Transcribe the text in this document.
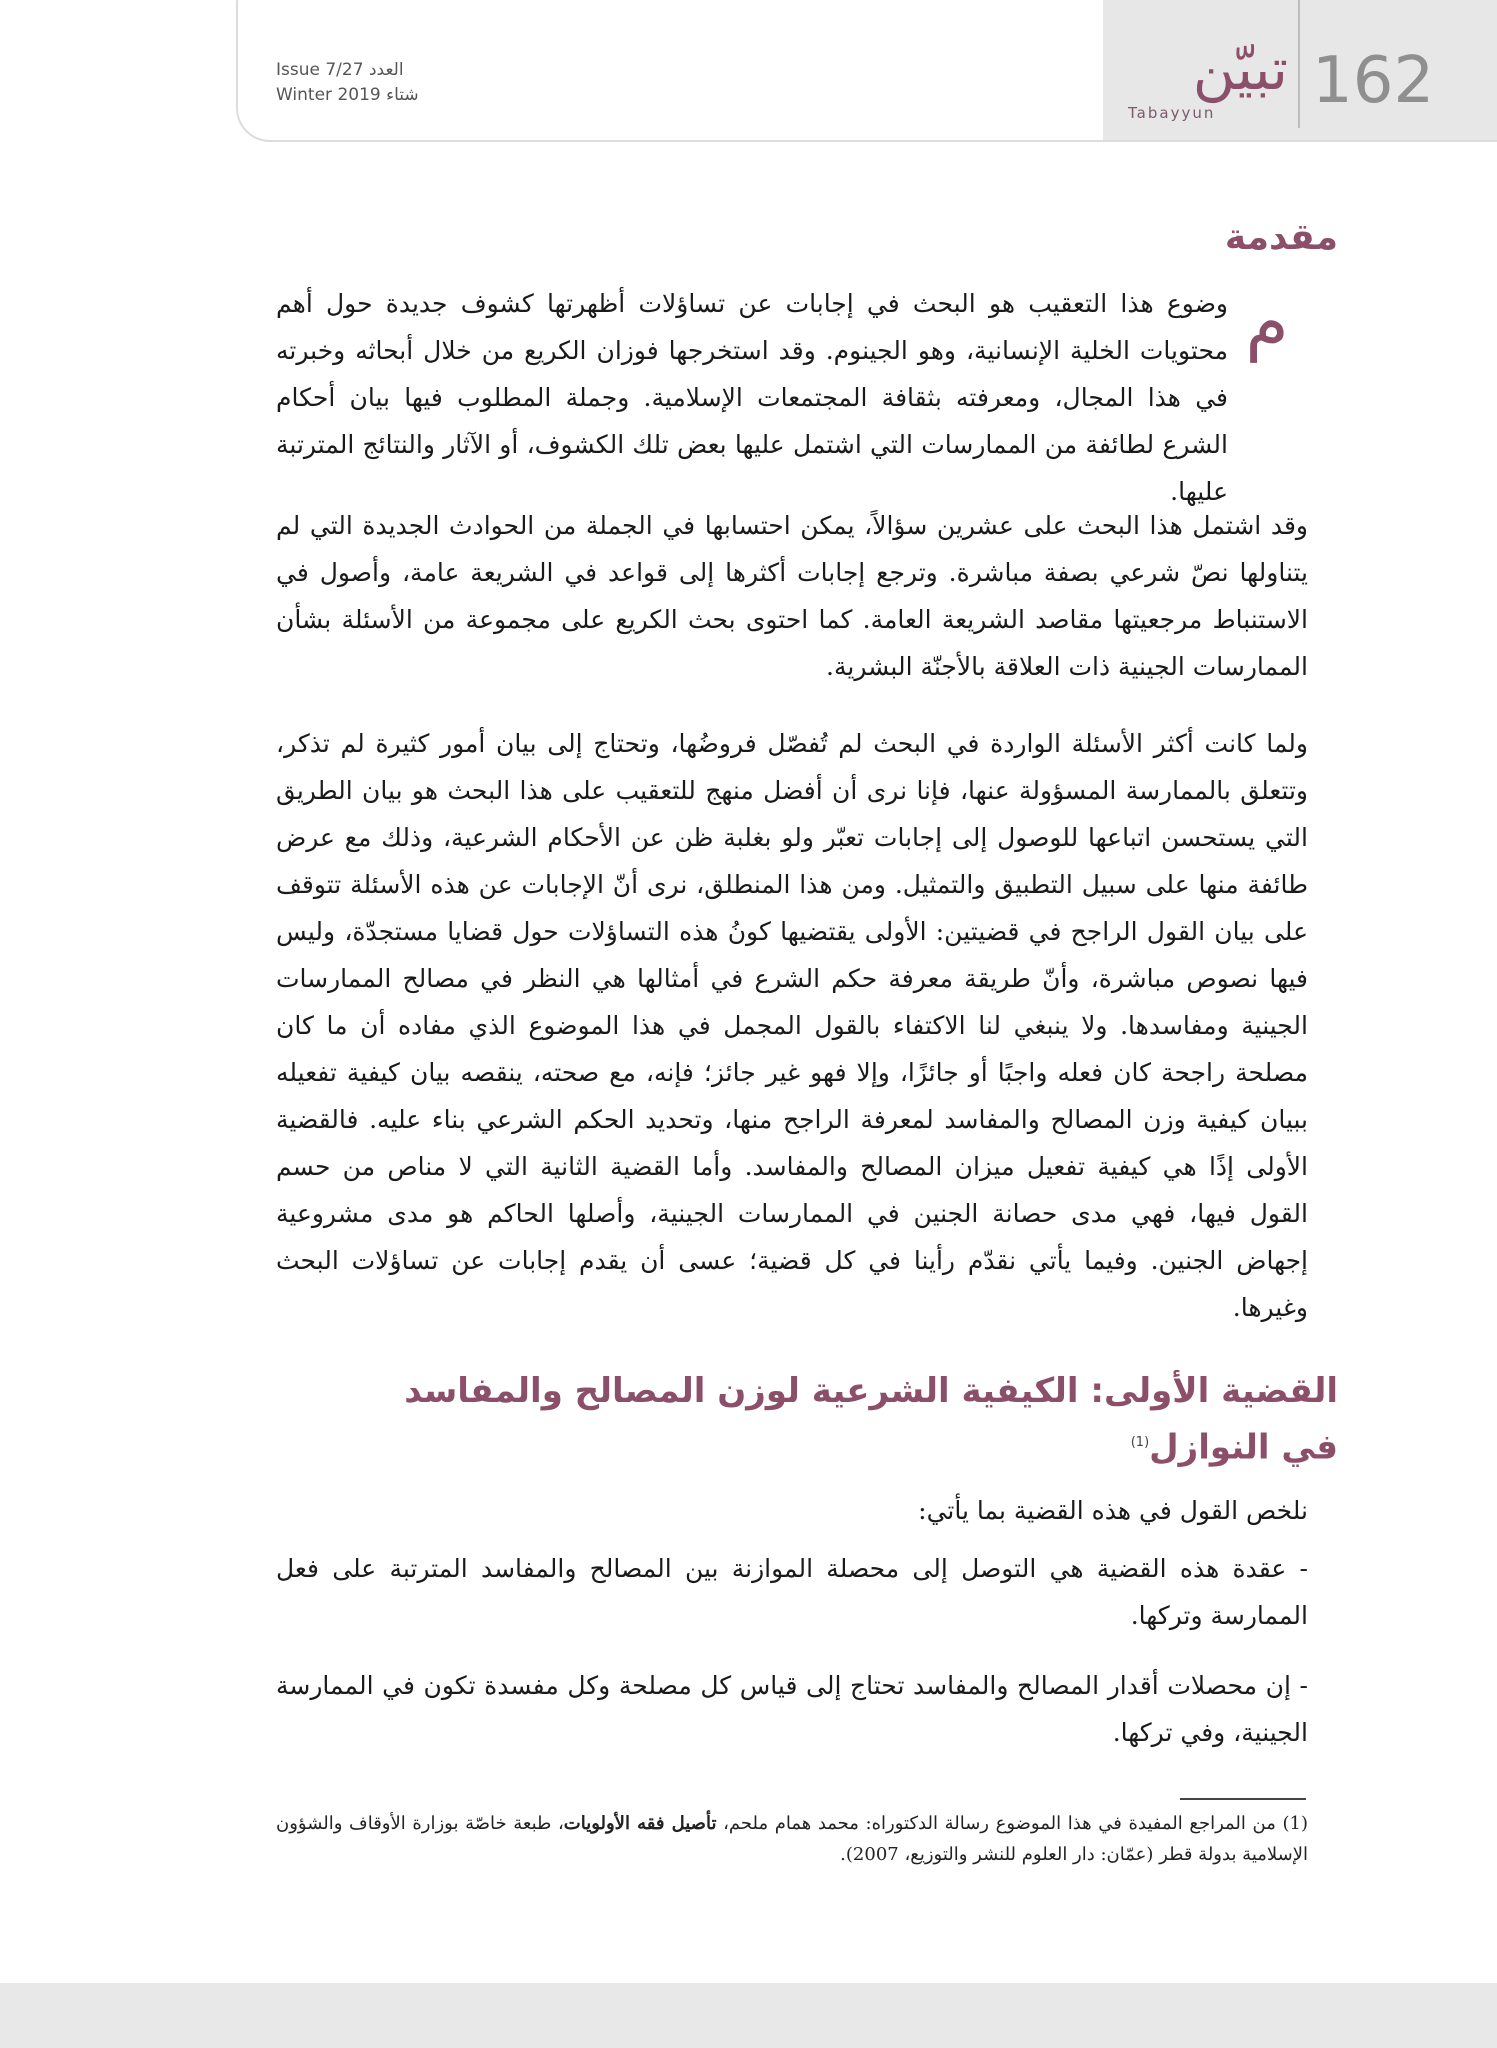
162
تبيّن
Tabayyun
Issue 7/27 العدد
Winter 2019 شتاء
مقدمة
م

وضوع هذا التعقيب هو البحث في إجابات عن تساؤلات أظهرتها كشوف جديدة حول أهم محتويات الخلية الإنسانية، وهو الجينوم. وقد استخرجها فوزان الكريع من خلال أبحاثه وخبرته في هذا المجال، ومعرفته بثقافة المجتمعات الإسلامية. وجملة المطلوب فيها بيان أحكام الشرع لطائفة من الممارسات التي اشتمل عليها بعض تلك الكشوف، أو الآثار والنتائج المترتبة عليها.

وقد اشتمل هذا البحث على عشرين سؤالاً، يمكن احتسابها في الجملة من الحوادث الجديدة التي لم يتناولها نصّ شرعي بصفة مباشرة. وترجع إجابات أكثرها إلى قواعد في الشريعة عامة، وأصول في الاستنباط مرجعيتها مقاصد الشريعة العامة. كما احتوى بحث الكريع على مجموعة من الأسئلة بشأن الممارسات الجينية ذات العلاقة بالأجنّة البشرية.

ولما كانت أكثر الأسئلة الواردة في البحث لم تُفصّل فروضُها، وتحتاج إلى بيان أمور كثيرة لم تذكر، وتتعلق بالممارسة المسؤولة عنها، فإنا نرى أن أفضل منهج للتعقيب على هذا البحث هو بيان الطريق التي يستحسن اتباعها للوصول إلى إجابات تعبّر ولو بغلبة ظن عن الأحكام الشرعية، وذلك مع عرض طائفة منها على سبيل التطبيق والتمثيل. ومن هذا المنطلق، نرى أنّ الإجابات عن هذه الأسئلة تتوقف على بيان القول الراجح في قضيتين: الأولى يقتضيها كونُ هذه التساؤلات حول قضايا مستجدّة، وليس فيها نصوص مباشرة، وأنّ طريقة معرفة حكم الشرع في أمثالها هي النظر في مصالح الممارسات الجينية ومفاسدها. ولا ينبغي لنا الاكتفاء بالقول المجمل في هذا الموضوع الذي مفاده أن ما كان مصلحة راجحة كان فعله واجبًا أو جائزًا، وإلا فهو غير جائز؛ فإنه، مع صحته، ينقصه بيان كيفية تفعيله ببيان كيفية وزن المصالح والمفاسد لمعرفة الراجح منها، وتحديد الحكم الشرعي بناء عليه. فالقضية الأولى إذًا هي كيفية تفعيل ميزان المصالح والمفاسد. وأما القضية الثانية التي لا مناص من حسم القول فيها، فهي مدى حصانة الجنين في الممارسات الجينية، وأصلها الحاكم هو مدى مشروعية إجهاض الجنين. وفيما يأتي نقدّم رأينا في كل قضية؛ عسى أن يقدم إجابات عن تساؤلات البحث وغيرها.

القضية الأولى: الكيفية الشرعية لوزن المصالح والمفاسد
في النوازل$^{(1)}$

نلخص القول في هذه القضية بما يأتي:

- عقدة هذه القضية هي التوصل إلى محصلة الموازنة بين المصالح والمفاسد المترتبة على فعل الممارسة وتركها.

- إن محصلات أقدار المصالح والمفاسد تحتاج إلى قياس كل مصلحة وكل مفسدة تكون في الممارسة الجينية، وفي تركها.

(1) من المراجع المفيدة في هذا الموضوع رسالة الدكتوراه: محمد همام ملحم، تأصيل فقه الأولويات، طبعة خاصّة بوزارة الأوقاف والشؤون الإسلامية بدولة قطر (عمّان: دار العلوم للنشر والتوزيع، 2007).
